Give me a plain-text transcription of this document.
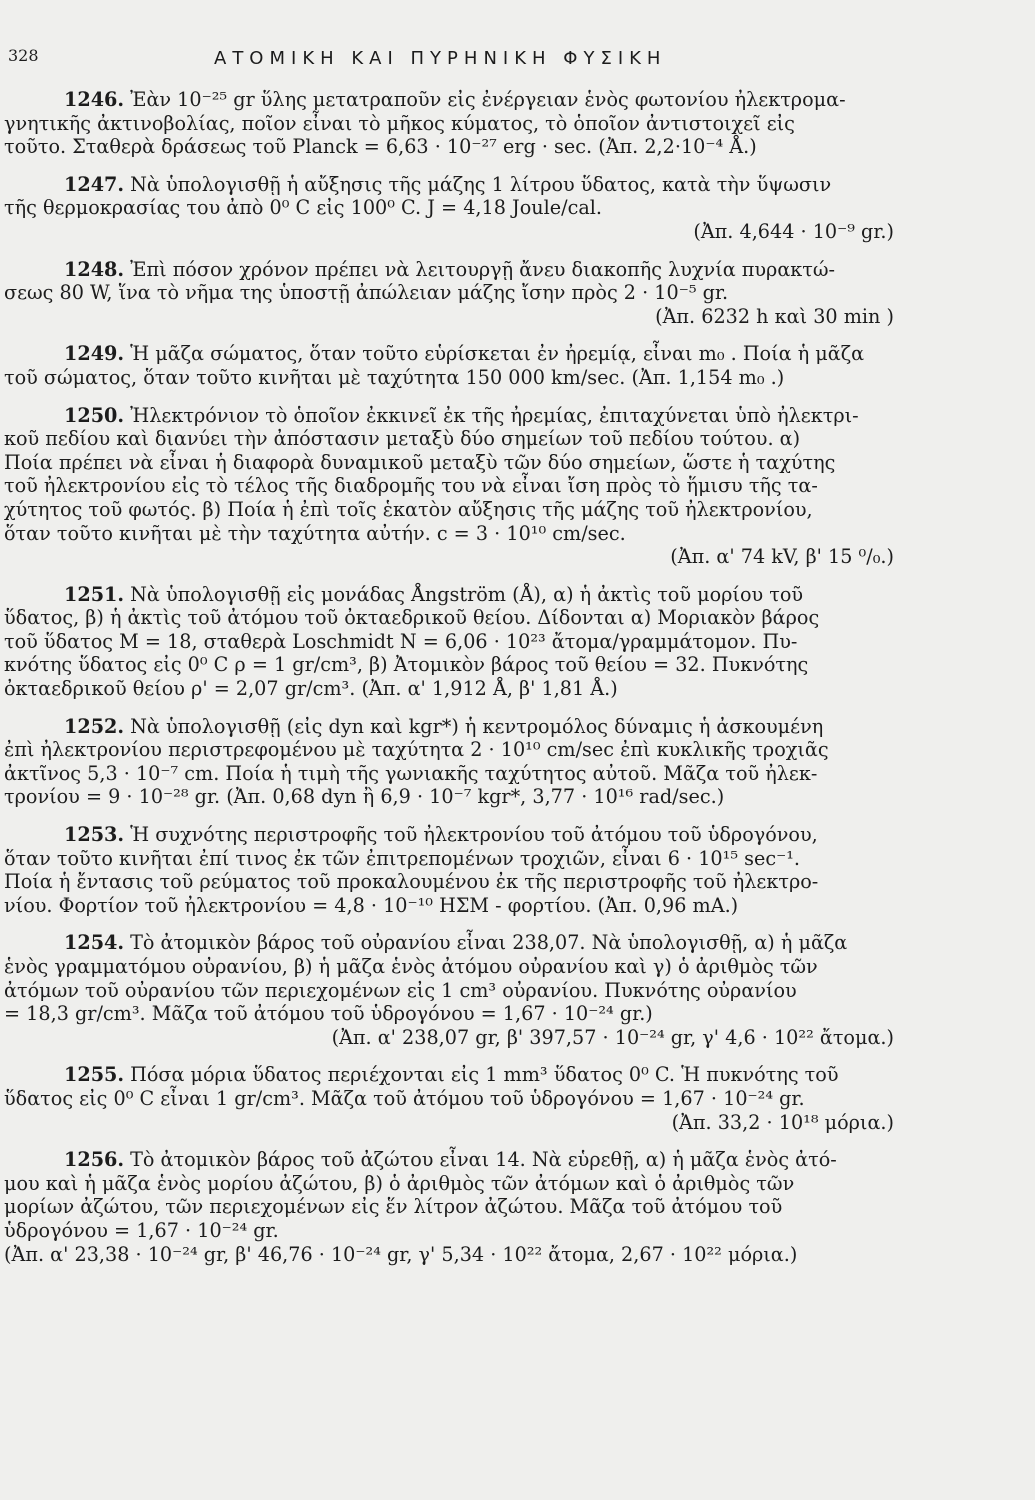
328	ΑΤΟΜΙΚΗ ΚΑΙ ΠΥΡΗΝΙΚΗ ΦΥΣΙΚΗ
1246. Ἐὰν 10⁻²⁵ gr ὕλης μετατραποῦν εἰς ἐνέργειαν ἑνὸς φωτονίου ἠλεκτρομα-
γνητικῆς ἀκτινοβολίας, ποῖον εἶναι τὸ μῆκος κύματος, τὸ ὁποῖον ἀντιστοιχεῖ εἰς
τοῦτο. Σταθερὰ δράσεως τοῦ Planck = 6,63 · 10⁻²⁷ erg · sec. (Ἀπ. 2,2·10⁻⁴ Å.)
1247. Νὰ ὑπολογισθῇ ἡ αὔξησις τῆς μάζης 1 λίτρου ὕδατος, κατὰ τὴν ὕψωσιν
τῆς θερμοκρασίας του ἀπὸ 0⁰ C εἰς 100⁰ C. J = 4,18 Joule/cal.
(Ἀπ. 4,644 · 10⁻⁹ gr.)
1248. Ἐπὶ πόσον χρόνον πρέπει νὰ λειτουργῇ ἄνευ διακοπῆς λυχνία πυρακτώ-
σεως 80 W, ἵνα τὸ νῆμα της ὑποστῇ ἀπώλειαν μάζης ἴσην πρὸς 2 · 10⁻⁵ gr.
(Ἀπ. 6232 h καὶ 30 min )
1249. Ἡ μᾶζα σώματος, ὅταν τοῦτο εὑρίσκεται ἐν ἠρεμίᾳ, εἶναι m₀ . Ποία ἡ μᾶζα
τοῦ σώματος, ὅταν τοῦτο κινῆται μὲ ταχύτητα 150 000 km/sec. (Ἀπ. 1,154 m₀ .)
1250. Ἠλεκτρόνιον τὸ ὁποῖον ἐκκινεῖ ἐκ τῆς ἠρεμίας, ἐπιταχύνεται ὑπὸ ἠλεκτρι-
κοῦ πεδίου καὶ διανύει τὴν ἀπόστασιν μεταξὺ δύο σημείων τοῦ πεδίου τούτου. α)
Ποία πρέπει νὰ εἶναι ἡ διαφορὰ δυναμικοῦ μεταξὺ τῶν δύο σημείων, ὥστε ἡ ταχύτης
τοῦ ἠλεκτρονίου εἰς τὸ τέλος τῆς διαδρομῆς του νὰ εἶναι ἴση πρὸς τὸ ἥμισυ τῆς τα-
χύτητος τοῦ φωτός. β) Ποία ἡ ἐπὶ τοῖς ἑκατὸν αὔξησις τῆς μάζης τοῦ ἠλεκτρονίου,
ὅταν τοῦτο κινῆται μὲ τὴν ταχύτητα αὐτήν. c = 3 · 10¹⁰ cm/sec.
(Ἀπ. α' 74 kV, β' 15 ⁰/₀.)
1251. Νὰ ὑπολογισθῇ εἰς μονάδας Ångström (Å), α) ἡ ἀκτὶς τοῦ μορίου τοῦ
ὕδατος, β) ἡ ἀκτὶς τοῦ ἀτόμου τοῦ ὀκταεδρικοῦ θείου. Δίδονται α) Μοριακὸν βάρος
τοῦ ὕδατος M = 18, σταθερὰ Loschmidt N = 6,06 · 10²³ ἄτομα/γραμμάτομον. Πυ-
κνότης ὕδατος εἰς 0⁰ C ρ = 1 gr/cm³, β) Ἀτομικὸν βάρος τοῦ θείου = 32. Πυκνότης
ὀκταεδρικοῦ θείου ρ' = 2,07 gr/cm³. (Ἀπ. α' 1,912 Å, β' 1,81 Å.)
1252. Νὰ ὑπολογισθῇ (εἰς dyn καὶ kgr*) ἡ κεντρομόλος δύναμις ἡ ἀσκουμένη
ἐπὶ ἠλεκτρονίου περιστρεφομένου μὲ ταχύτητα 2 · 10¹⁰ cm/sec ἐπὶ κυκλικῆς τροχιᾶς
ἀκτῖνος 5,3 · 10⁻⁷ cm. Ποία ἡ τιμὴ τῆς γωνιακῆς ταχύτητος αὐτοῦ. Μᾶζα τοῦ ἠλεκ-
τρονίου = 9 · 10⁻²⁸ gr. (Ἀπ. 0,68 dyn ἢ 6,9 · 10⁻⁷ kgr*, 3,77 · 10¹⁶ rad/sec.)
1253. Ἡ συχνότης περιστροφῆς τοῦ ἠλεκτρονίου τοῦ ἀτόμου τοῦ ὑδρογόνου,
ὅταν τοῦτο κινῆται ἐπί τινος ἐκ τῶν ἐπιτρεπομένων τροχιῶν, εἶναι 6 · 10¹⁵ sec⁻¹.
Ποία ἡ ἔντασις τοῦ ρεύματος τοῦ προκαλουμένου ἐκ τῆς περιστροφῆς τοῦ ἠλεκτρο-
νίου. Φορτίον τοῦ ἠλεκτρονίου = 4,8 · 10⁻¹⁰ ΗΣΜ - φορτίου. (Ἀπ. 0,96 mA.)
1254. Τὸ ἀτομικὸν βάρος τοῦ οὐρανίου εἶναι 238,07. Νὰ ὑπολογισθῇ, α) ἡ μᾶζα
ἑνὸς γραμματόμου οὐρανίου, β) ἡ μᾶζα ἑνὸς ἀτόμου οὐρανίου καὶ γ) ὁ ἀριθμὸς τῶν
ἀτόμων τοῦ οὐρανίου τῶν περιεχομένων εἰς 1 cm³ οὐρανίου. Πυκνότης οὐρανίου
= 18,3 gr/cm³. Μᾶζα τοῦ ἀτόμου τοῦ ὑδρογόνου = 1,67 · 10⁻²⁴ gr.)
(Ἀπ. α' 238,07 gr, β' 397,57 · 10⁻²⁴ gr, γ' 4,6 · 10²² ἄτομα.)
1255. Πόσα μόρια ὕδατος περιέχονται εἰς 1 mm³ ὕδατος 0⁰ C. Ἡ πυκνότης τοῦ
ὕδατος εἰς 0⁰ C εἶναι 1 gr/cm³. Μᾶζα τοῦ ἀτόμου τοῦ ὑδρογόνου = 1,67 · 10⁻²⁴ gr.
(Ἀπ. 33,2 · 10¹⁸ μόρια.)
1256. Τὸ ἀτομικὸν βάρος τοῦ ἀζώτου εἶναι 14. Νὰ εὑρεθῇ, α) ἡ μᾶζα ἑνὸς ἀτό-
μου καὶ ἡ μᾶζα ἑνὸς μορίου ἀζώτου, β) ὁ ἀριθμὸς τῶν ἀτόμων καὶ ὁ ἀριθμὸς τῶν
μορίων ἀζώτου, τῶν περιεχομένων εἰς ἕν λίτρον ἀζώτου. Μᾶζα τοῦ ἀτόμου τοῦ
ὑδρογόνου = 1,67 · 10⁻²⁴ gr.
(Ἀπ. α' 23,38 · 10⁻²⁴ gr, β' 46,76 · 10⁻²⁴ gr, γ' 5,34 · 10²² ἄτομα, 2,67 · 10²² μόρια.)
